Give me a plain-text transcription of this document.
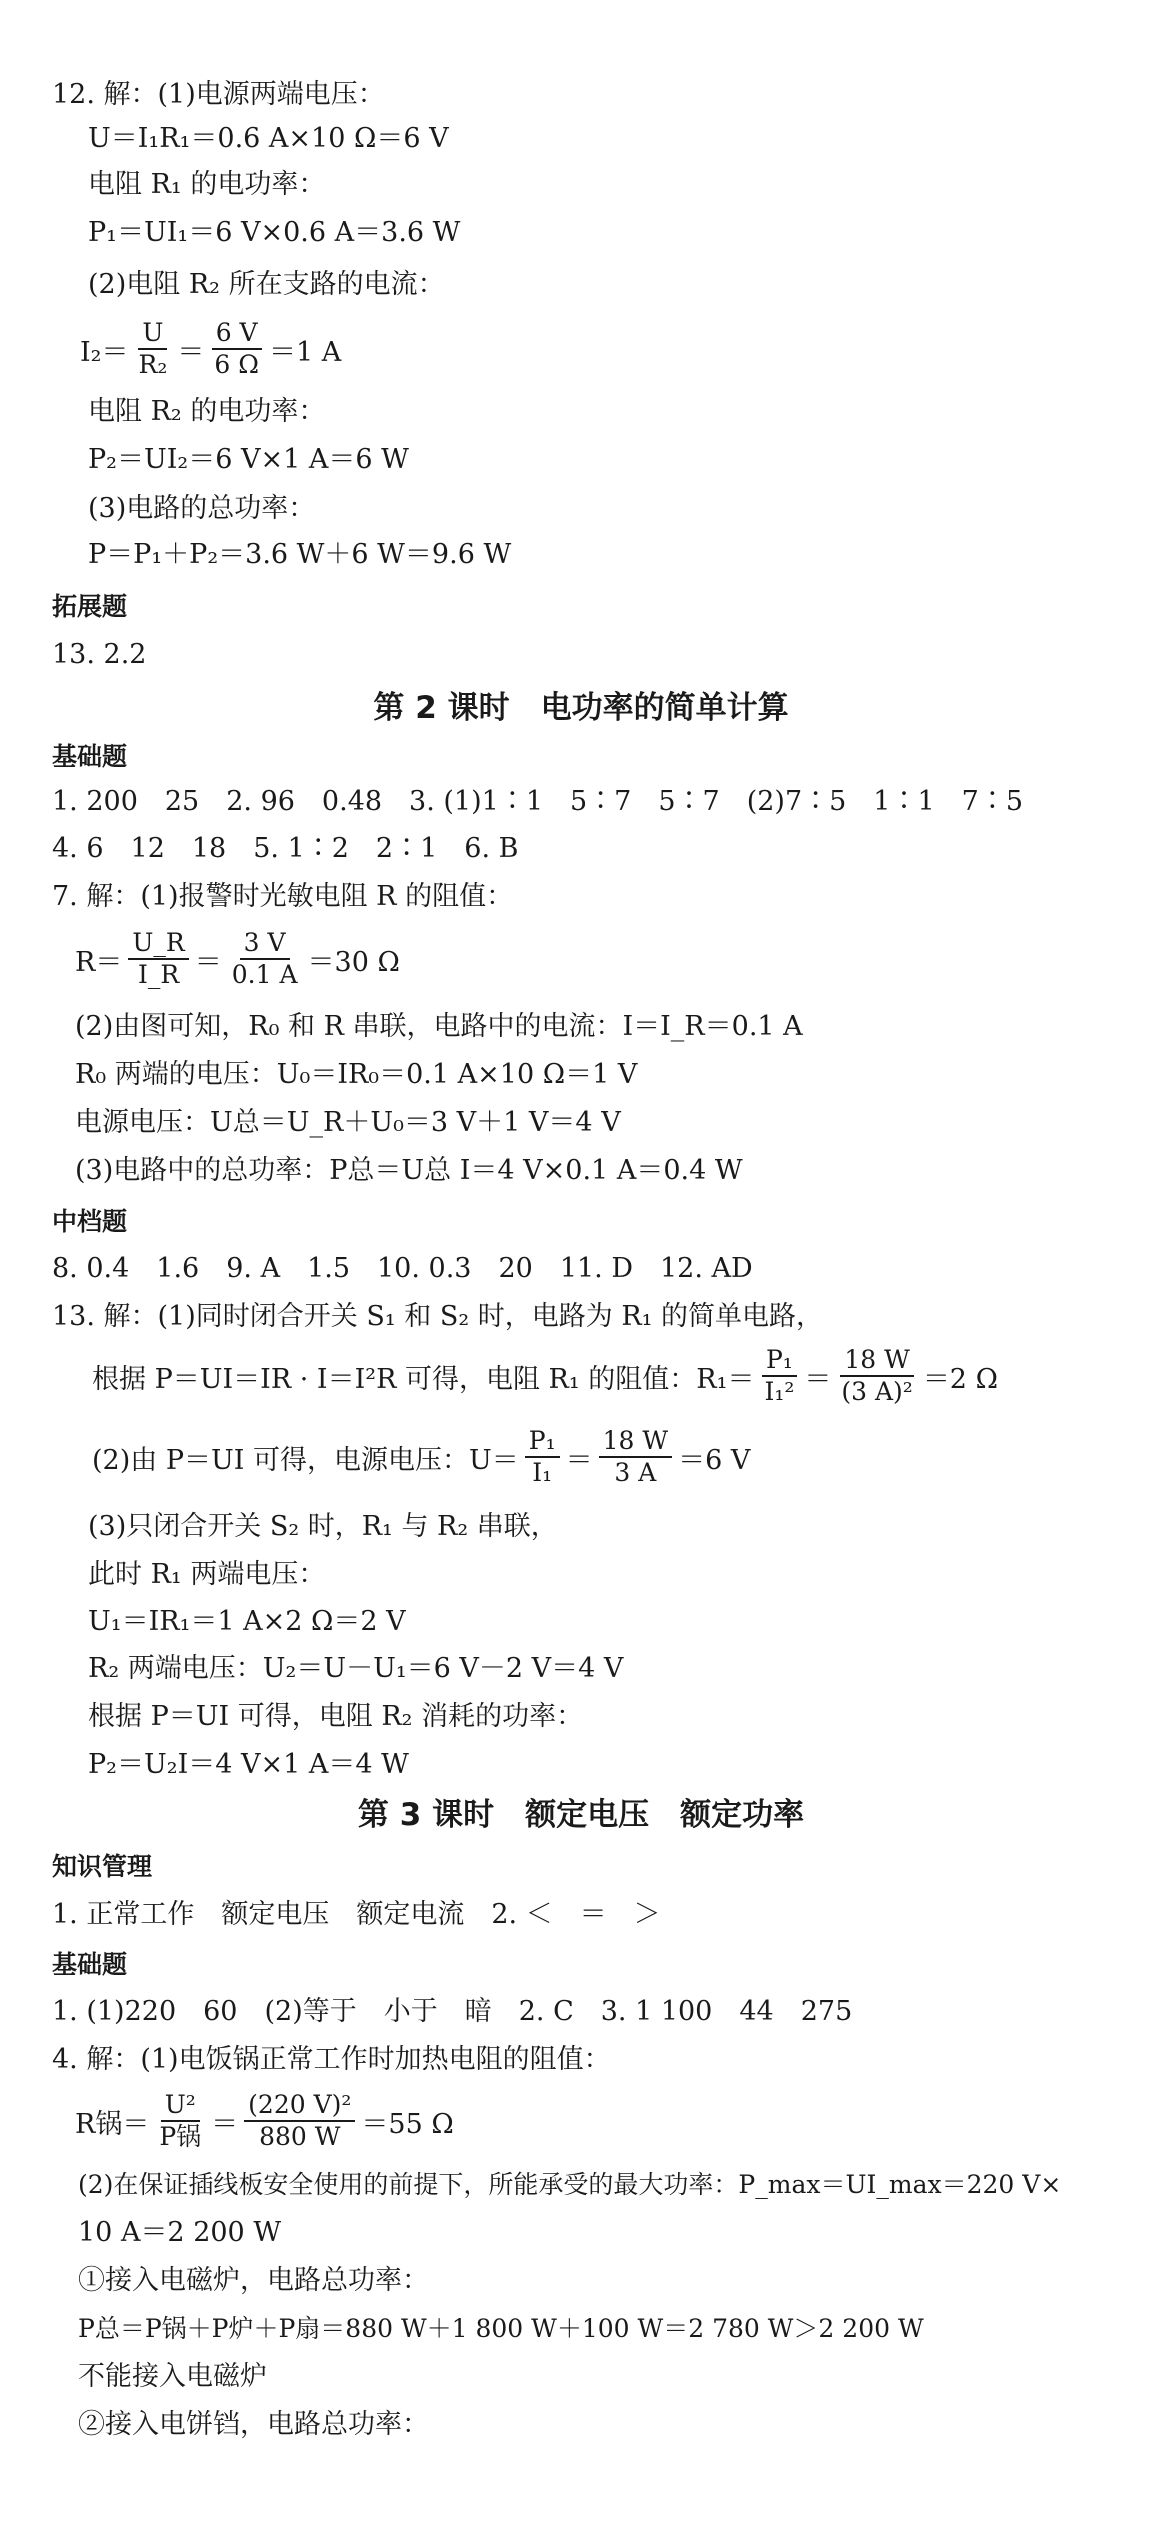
12. 解：(1)电源两端电压：
U＝I₁R₁＝0.6 A×10 Ω＝6 V
电阻 R₁ 的电功率：
P₁＝UI₁＝6 V×0.6 A＝3.6 W
(2)电阻 R₂ 所在支路的电流：
$I_2= \frac{U}{\text{R₂}} = \frac{6 V}{6 \Omega} =1$ A
电阻 R₂ 的电功率：
P₂＝UI₂＝6 V×1 A＝6 W
(3)电路的总功率：
P＝P₁＋P₂＝3.6 W＋6 W＝9.6 W
拓展题
13. 2.2
第 2 课时　电功率的简单计算
基础题
1. 200　25　2. 96　0.48　3. (1)1∶1　5∶7　5∶7　(2)7∶5　1∶1　7∶5
4. 6　12　18　5. 1∶2　2∶1　6. B
7. 解：(1)报警时光敏电阻 R 的阻值：
$R= \frac{U\_R}{I\_R} = \frac{3 V}{0.1 A} =30$ Ω
(2)由图可知，R₀ 和 R 串联，电路中的电流：I＝I_R＝0.1 A
R₀ 两端的电压：U₀＝IR₀＝0.1 A×10 Ω＝1 V
电源电压：U总＝U_R＋U₀＝3 V＋1 V＝4 V
(3)电路中的总功率：P总＝U总 I＝4 V×0.1 A＝0.4 W
中档题
8. 0.4　1.6　9. A　1.5　10. 0.3　20　11. D　12. AD
13. 解：(1)同时闭合开关 S₁ 和 S₂ 时，电路为 R₁ 的简单电路，
根据 P＝UI＝IR · I＝I²R 可得，电阻 R₁ 的阻值：$R_1= \frac{\text{P₁}}{\text{I₁²}} = \frac{18 W}{\text{(3 A)²}} =2$ Ω
(2)由 P＝UI 可得，电源电压：$U= \frac{\text{P₁}}{\text{I₁}} = \frac{18 W}{3 A} =6$ V
(3)只闭合开关 S₂ 时，R₁ 与 R₂ 串联，
此时 R₁ 两端电压：
U₁＝IR₁＝1 A×2 Ω＝2 V
R₂ 两端电压：U₂＝U－U₁＝6 V－2 V＝4 V
根据 P＝UI 可得，电阻 R₂ 消耗的功率：
P₂＝U₂I＝4 V×1 A＝4 W
第 3 课时　额定电压　额定功率
知识管理
1. 正常工作　额定电压　额定电流　2. ＜　＝　＞
基础题
1. (1)220　60　(2)等于　小于　暗　2. C　3. 1 100　44　275
4. 解：(1)电饭锅正常工作时加热电阻的阻值：
R锅＝ $\frac{\text{U²}}{\text{P锅}} = \frac{\text{(220 V)²}}{880 W} =55$ Ω
(2)在保证插线板安全使用的前提下，所能承受的最大功率：P_max＝UI_max＝220 V×
10 A＝2 200 W
①接入电磁炉，电路总功率：
P总＝P锅＋P炉＋P扇＝880 W＋1 800 W＋100 W＝2 780 W＞2 200 W
不能接入电磁炉
②接入电饼铛，电路总功率：
